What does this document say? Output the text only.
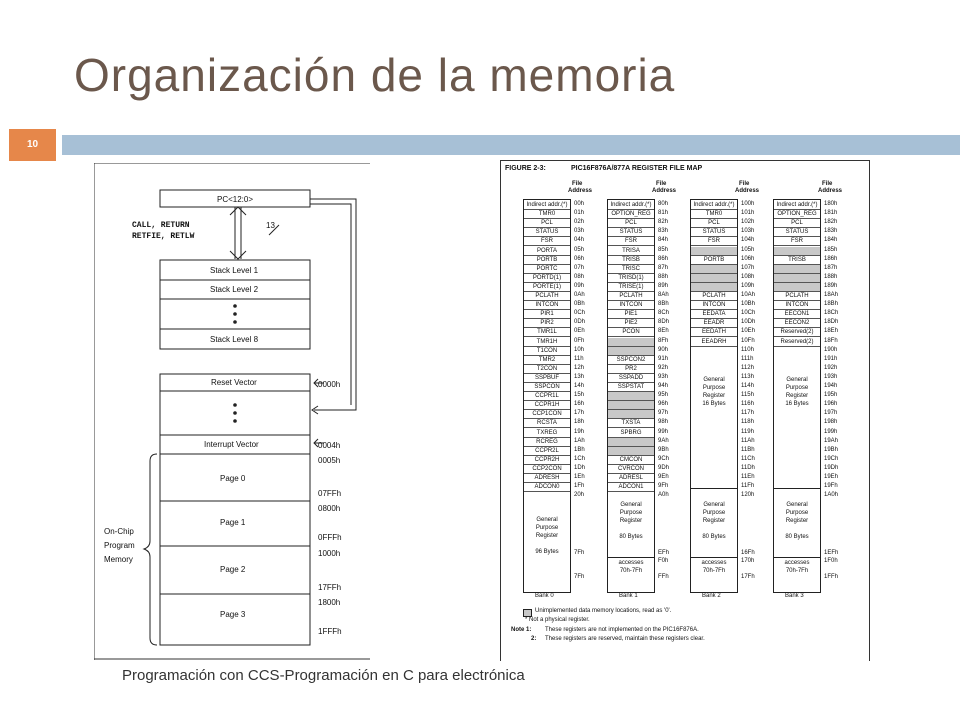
Organización de la memoria
10
PC<12:0>
CALL, RETURN
RETFIE, RETLW
13
Stack Level 1
Stack Level 2
Stack Level 8
Reset Vector
Interrupt Vector
Page 0
Page 1
Page 2
Page 3
0000h
0004h
0005h
07FFh
0800h
0FFFh
1000h
17FFh
1800h
1FFFh
On-Chip
Program
Memory
FIGURE 2-3:	PIC16F876A/877A REGISTER FILE MAP
File
Address
Indirect addr.(*)
TMR0
PCL
STATUS
FSR
PORTA
PORTB
PORTC
PORTD(1)
PORTE(1)
PCLATH
INTCON
PIR1
PIR2
TMR1L
TMR1H
T1CON
TMR2
T2CON
SSPBUF
SSPCON
CCPR1L
CCPR1H
CCP1CON
RCSTA
TXREG
RCREG
CCPR2L
CCPR2H
CCP2CON
ADRESH
ADCON0
00h
01h
02h
03h
04h
05h
06h
07h
08h
09h
0Ah
0Bh
0Ch
0Dh
0Eh
0Fh
10h
11h
12h
13h
14h
15h
16h
17h
18h
19h
1Ah
1Bh
1Ch
1Dh
1Eh
1Fh
General
Purpose
Register
96 Bytes
20h
7Fh
7Fh
Bank 0
File
Address
Indirect addr.(*)
OPTION_REG
PCL
STATUS
FSR
TRISA
TRISB
TRISC
TRISD(1)
TRISE(1)
PCLATH
INTCON
PIE1
PIE2
PCON
SSPCON2
PR2
SSPADD
SSPSTAT
TXSTA
SPBRG
CMCON
CVRCON
ADRESL
ADCON1
80h
81h
82h
83h
84h
85h
86h
87h
88h
89h
8Ah
8Bh
8Ch
8Dh
8Eh
8Fh
90h
91h
92h
93h
94h
95h
96h
97h
98h
99h
9Ah
9Bh
9Ch
9Dh
9Eh
9Fh
General
Purpose
Register
80 Bytes
A0h
EFh
accesses
70h-7Fh
F0h
FFh
Bank 1
File
Address
Indirect addr.(*)
TMR0
PCL
STATUS
FSR
PORTB
PCLATH
INTCON
EEDATA
EEADR
EEDATH
EEADRH
100h
101h
102h
103h
104h
105h
106h
107h
108h
109h
10Ah
10Bh
10Ch
10Dh
10Eh
10Fh
110h
111h
112h
113h
114h
115h
116h
117h
118h
119h
11Ah
11Bh
11Ch
11Dh
11Eh
11Fh
120h
General
Purpose
Register
16 Bytes
General
Purpose
Register
80 Bytes
16Fh
accesses
70h-7Fh
170h
17Fh
Bank 2
File
Address
Indirect addr.(*)
OPTION_REG
PCL
STATUS
FSR
TRISB
PCLATH
INTCON
EECON1
EECON2
Reserved(2)
Reserved(2)
180h
181h
182h
183h
184h
185h
186h
187h
188h
189h
18Ah
18Bh
18Ch
18Dh
18Eh
18Fh
190h
191h
192h
193h
194h
195h
196h
197h
198h
199h
19Ah
19Bh
19Ch
19Dh
19Eh
19Fh
1A0h
General
Purpose
Register
16 Bytes
General
Purpose
Register
80 Bytes
1EFh
accesses
70h-7Fh
1F0h
1FFh
Bank 3
Unimplemented data memory locations, read as '0'.
* Not a physical register.
Note 1: These registers are not implemented on the PIC16F876A.
2: These registers are reserved, maintain these registers clear.
Programación con CCS-Programación en C para electrónica
